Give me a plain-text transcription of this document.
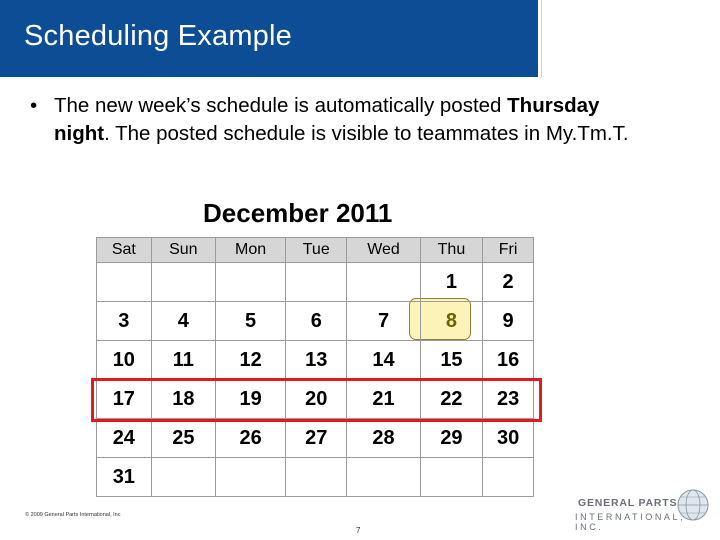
Scheduling Example
• The new week’s schedule is automatically posted Thursday night. The posted schedule is visible to teammates in My.Tm.T.
December 2011
Sat	Sun	Mon	Tue	Wed	Thu	Fri
					1	2
3	4	5	6	7	8	9
10	11	12	13	14	15	16
17	18	19	20	21	22	23
24	25	26	27	28	29	30
31						
© 2009 General Parts International, Inc
7
GENERAL PARTS
INTERNATIONAL, INC.
